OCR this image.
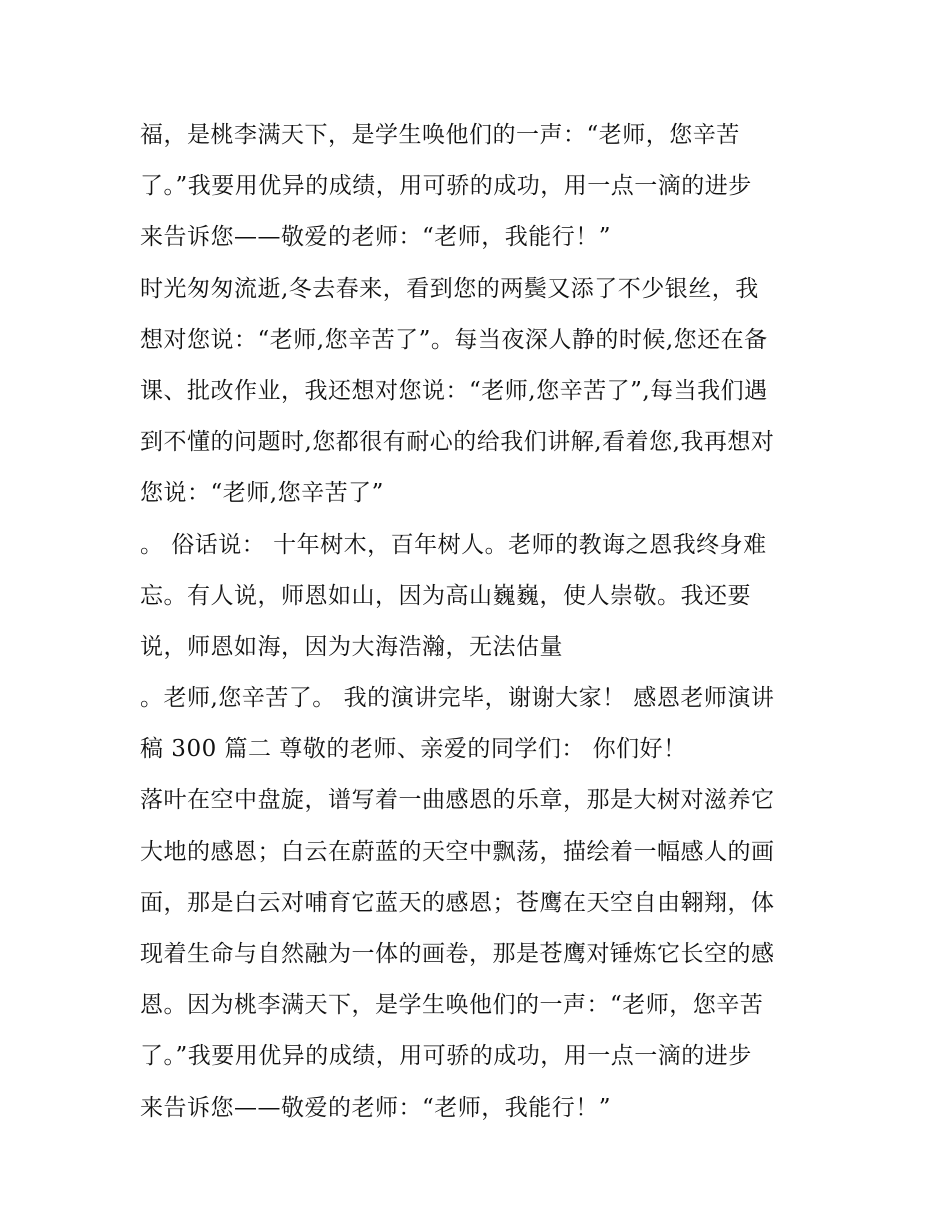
福，是桃李满天下，是学生唤他们的一声：“老师，您辛苦
了。”我要用优异的成绩，用可骄的成功，用一点一滴的进步
来告诉您——敬爱的老师：“老师，我能行！”
时光匆匆流逝,冬去春来，看到您的两鬓又添了不少银丝，我
想对您说：“老师,您辛苦了”。每当夜深人静的时候,您还在备
课、批改作业，我还想对您说：“老师,您辛苦了”,每当我们遇
到不懂的问题时,您都很有耐心的给我们讲解,看着您,我再想对
您说：“老师,您辛苦了”
。 俗话说： 十年树木，百年树人。老师的教诲之恩我终身难
忘。有人说，师恩如山，因为高山巍巍，使人崇敬。我还要
说，师恩如海，因为大海浩瀚，无法估量
。老师,您辛苦了。 我的演讲完毕，谢谢大家！ 感恩老师演讲
稿 300 篇二 尊敬的老师、亲爱的同学们： 你们好！
落叶在空中盘旋，谱写着一曲感恩的乐章，那是大树对滋养它
大地的感恩；白云在蔚蓝的天空中飘荡，描绘着一幅感人的画
面，那是白云对哺育它蓝天的感恩；苍鹰在天空自由翱翔，体
现着生命与自然融为一体的画卷，那是苍鹰对锤炼它长空的感
恩。因为桃李满天下，是学生唤他们的一声：“老师，您辛苦
了。”我要用优异的成绩，用可骄的成功，用一点一滴的进步
来告诉您——敬爱的老师：“老师，我能行！”
